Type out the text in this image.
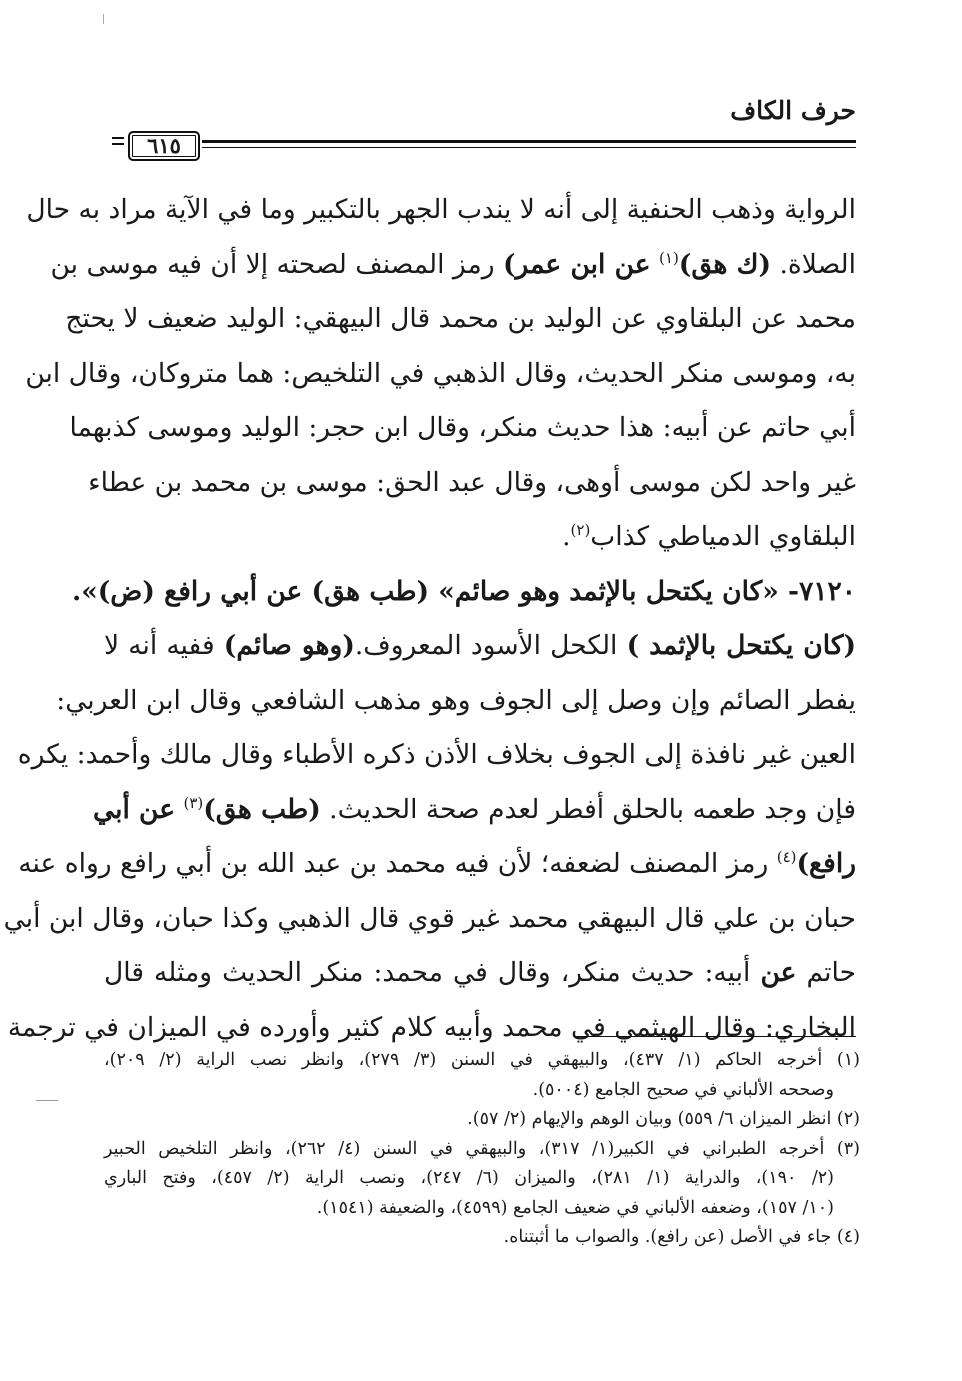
حرف الكاف
٦١٥
الرواية وذهب الحنفية إلى أنه لا يندب الجهر بالتكبير وما في الآية مراد به حال
الصلاة. (ك هق)$^{(١)}$ عن ابن عمر) رمز المصنف لصحته إلا أن فيه موسى بن
محمد عن البلقاوي عن الوليد بن محمد قال البيهقي: الوليد ضعيف لا يحتج
به، وموسى منكر الحديث، وقال الذهبي في التلخيص: هما متروكان، وقال ابن
أبي حاتم عن أبيه: هذا حديث منكر، وقال ابن حجر: الوليد وموسى كذبهما
غير واحد لكن موسى أوهى، وقال عبد الحق: موسى بن محمد بن عطاء
البلقاوي الدمياطي كذاب$^{(٢)}$.
٧١٢٠- «كان يكتحل بالإثمد وهو صائم» (طب هق) عن أبي رافع (ض)».
(كان يكتحل بالإثمد ) الكحل الأسود المعروف.(وهو صائم) ففيه أنه لا
يفطر الصائم وإن وصل إلى الجوف وهو مذهب الشافعي وقال ابن العربي:
العين غير نافذة إلى الجوف بخلاف الأذن ذكره الأطباء وقال مالك وأحمد: يكره
فإن وجد طعمه بالحلق أفطر لعدم صحة الحديث. (طب هق)$^{(٣)}$ عن أبي
رافع)$^{(٤)}$ رمز المصنف لضعفه؛ لأن فيه محمد بن عبد الله بن أبي رافع رواه عنه
حبان بن علي قال البيهقي محمد غير قوي قال الذهبي وكذا حبان، وقال ابن أبي
حاتم عن أبيه: حديث منكر، وقال في محمد: منكر الحديث ومثله قال
البخاري: وقال الهيثمي في محمد وأبيه كلام كثير وأورده في الميزان في ترجمة
(١) أخرجه الحاكم (١/ ٤٣٧)، والبيهقي في السنن (٣/ ٢٧٩)، وانظر نصب الراية (٢/ ٢٠٩)،
وصححه الألباني في صحيح الجامع (٥٠٠٤).
(٢) انظر الميزان ٦/ ٥٥٩) وبيان الوهم والإيهام (٢/ ٥٧).
(٣) أخرجه الطبراني في الكبير(١/ ٣١٧)، والبيهقي في السنن (٤/ ٢٦٢)، وانظر التلخيص الحبير
(٢/ ١٩٠)، والدراية (١/ ٢٨١)، والميزان (٦/ ٢٤٧)، ونصب الراية (٢/ ٤٥٧)، وفتح الباري
(١٠/ ١٥٧)، وضعفه الألباني في ضعيف الجامع (٤٥٩٩)، والضعيفة (١٥٤١).
(٤) جاء في الأصل (عن رافع). والصواب ما أثبتناه.
